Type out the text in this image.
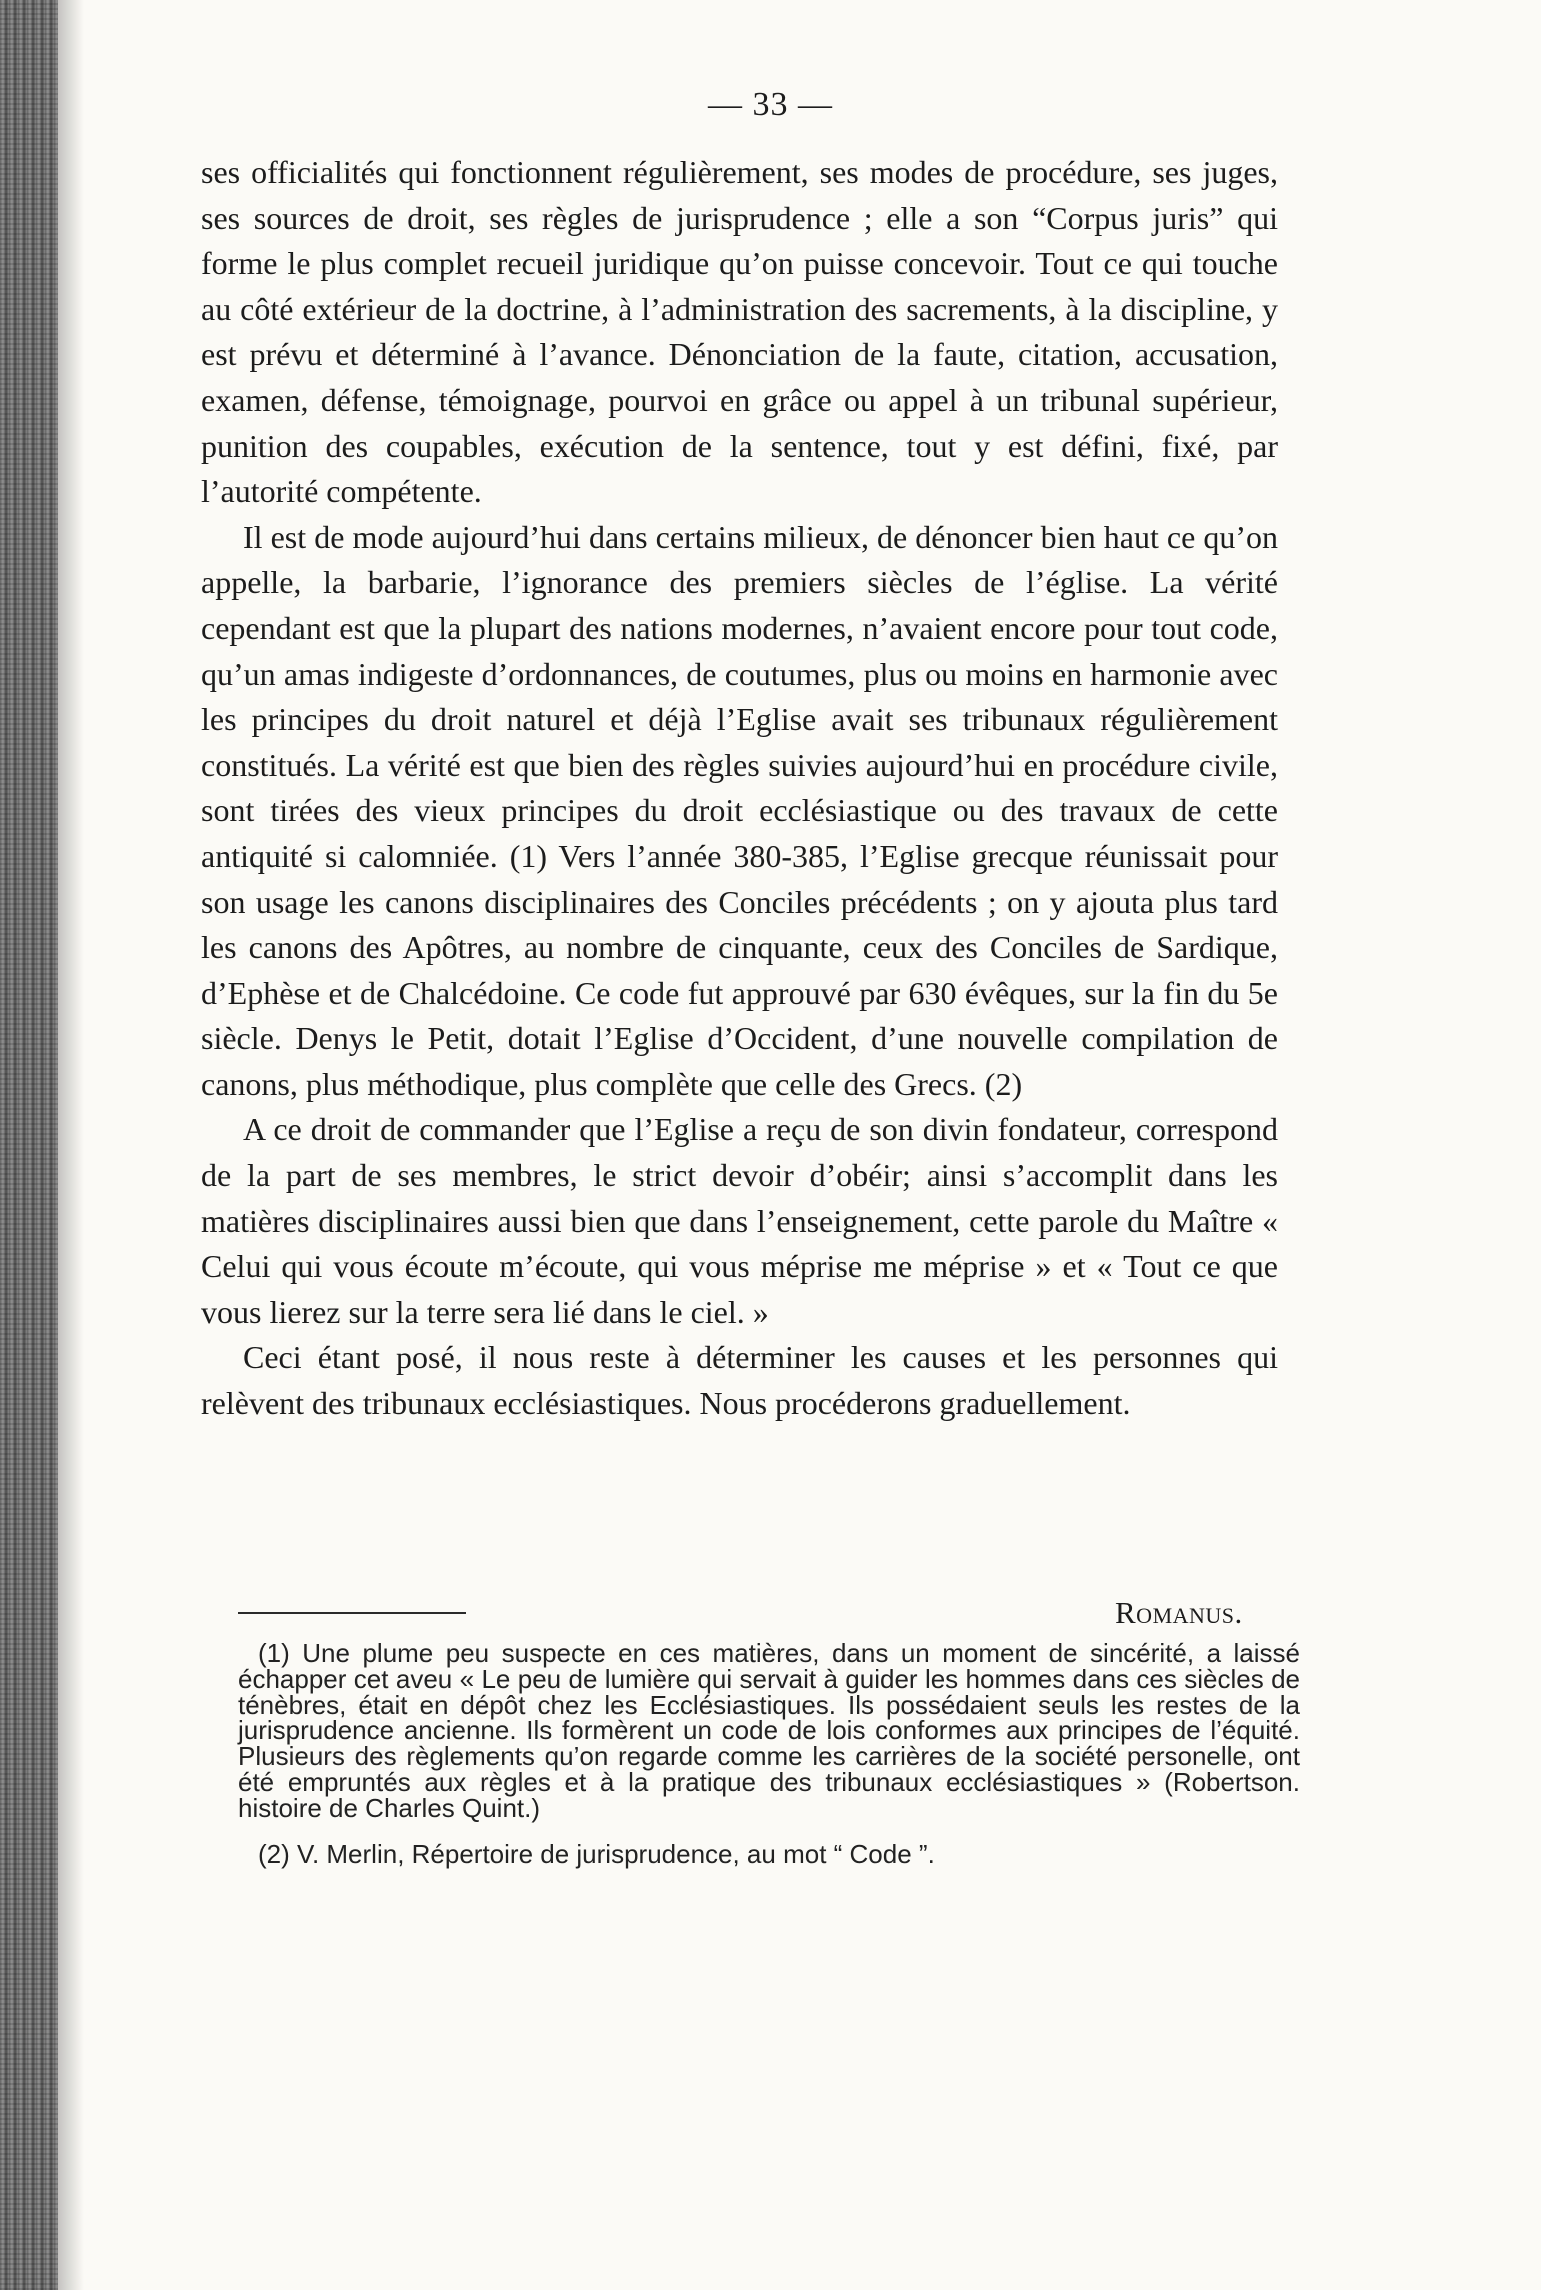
— 33 —

ses officialités qui fonctionnent régulièrement, ses modes de procédure, ses juges, ses sources de droit, ses règles de jurisprudence ; elle a son “Corpus juris” qui forme le plus complet recueil juridique qu’on puisse concevoir. Tout ce qui touche au côté extérieur de la doctrine, à l’administration des sacrements, à la discipline, y est prévu et déterminé à l’avance. Dénonciation de la faute, citation, accusation, examen, défense, témoignage, pourvoi en grâce ou appel à un tribunal supérieur, punition des coupables, exécution de la sentence, tout y est défini, fixé, par l’autorité compétente.

Il est de mode aujourd’hui dans certains milieux, de dénoncer bien haut ce qu’on appelle, la barbarie, l’ignorance des premiers siècles de l’église. La vérité cependant est que la plupart des nations modernes, n’avaient encore pour tout code, qu’un amas indigeste d’ordonnances, de coutumes, plus ou moins en harmonie avec les principes du droit naturel et déjà l’Eglise avait ses tribunaux régulièrement constitués. La vérité est que bien des règles suivies aujourd’hui en procédure civile, sont tirées des vieux principes du droit ecclésiastique ou des travaux de cette antiquité si calomniée. (1) Vers l’année 380-385, l’Eglise grecque réunissait pour son usage les canons disciplinaires des Conciles précédents ; on y ajouta plus tard les canons des Apôtres, au nombre de cinquante, ceux des Conciles de Sardique, d’Ephèse et de Chalcédoine. Ce code fut approuvé par 630 évêques, sur la fin du 5e siècle. Denys le Petit, dotait l’Eglise d’Occident, d’une nouvelle compilation de canons, plus méthodique, plus complète que celle des Grecs. (2)

A ce droit de commander que l’Eglise a reçu de son divin fondateur, correspond de la part de ses membres, le strict devoir d’obéir; ainsi s’accomplit dans les matières disciplinaires aussi bien que dans l’enseignement, cette parole du Maître « Celui qui vous écoute m’écoute, qui vous méprise me méprise » et « Tout ce que vous lierez sur la terre sera lié dans le ciel. »

Ceci étant posé, il nous reste à déterminer les causes et les personnes qui relèvent des tribunaux ecclésiastiques. Nous procéderons graduellement.

Romanus.

(1) Une plume peu suspecte en ces matières, dans un moment de sincérité, a laissé échapper cet aveu « Le peu de lumière qui servait à guider les hommes dans ces siècles de ténèbres, était en dépôt chez les Ecclésiastiques. Ils possédaient seuls les restes de la jurisprudence ancienne. Ils formèrent un code de lois conformes aux principes de l’équité. Plusieurs des règlements qu’on regarde comme les carrières de la société personelle, ont été empruntés aux règles et à la pratique des tribunaux ecclésiastiques » (Robertson. histoire de Charles Quint.)

(2) V. Merlin, Répertoire de jurisprudence, au mot “ Code ”.
